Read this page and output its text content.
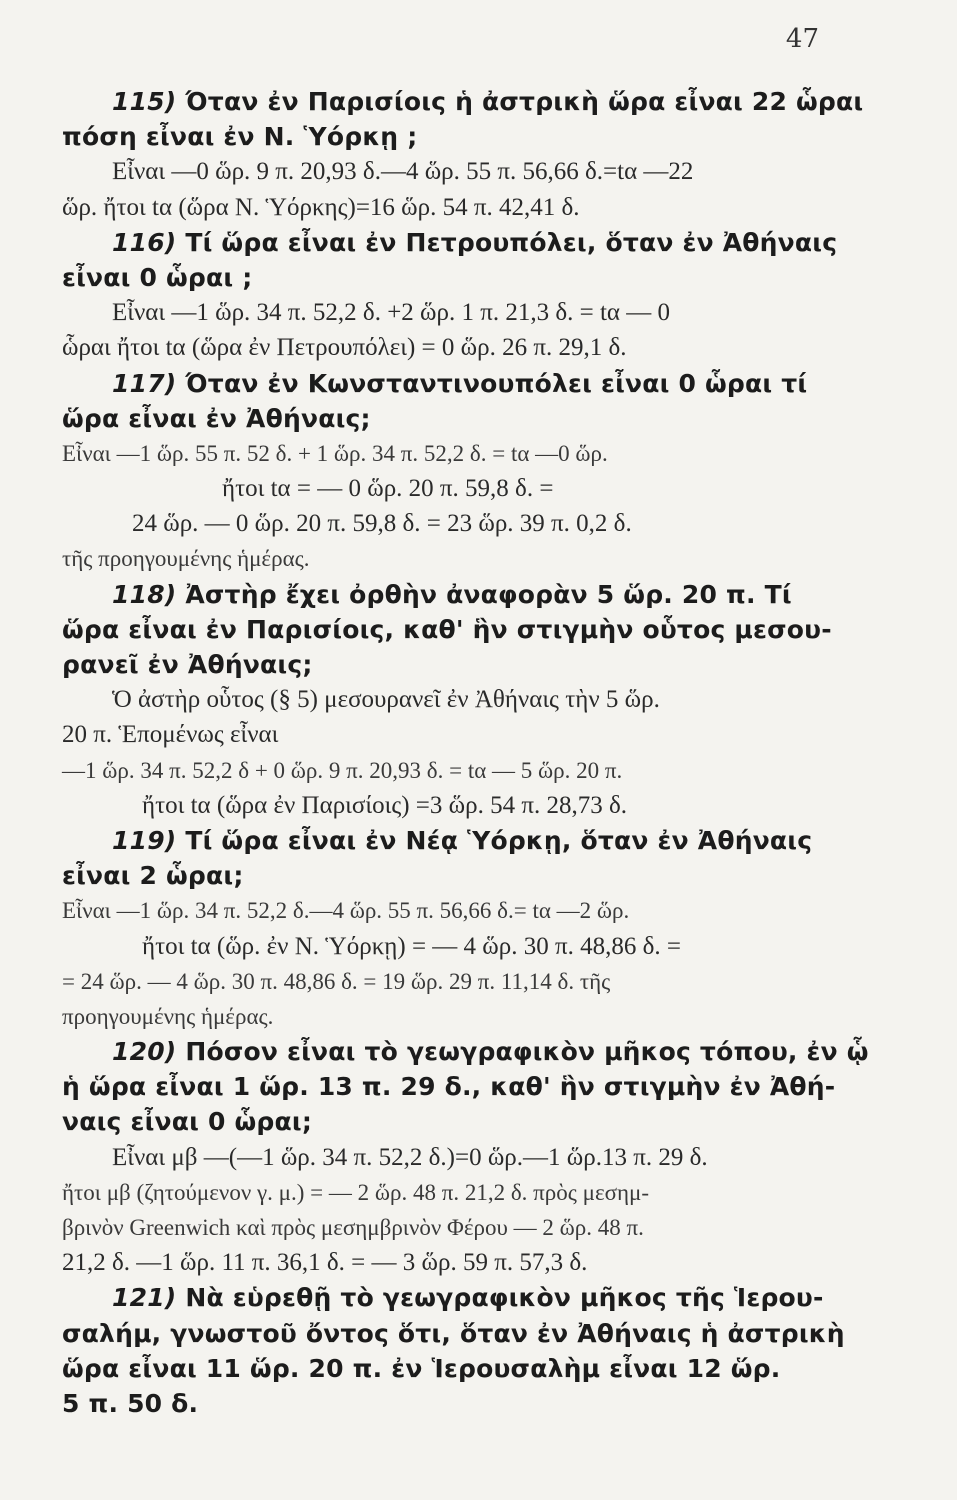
47
115) Όταν ἐν Παρισίοις ἡ ἀστρικὴ ὥρα εἶναι 22 ὧραι
πόση εἶναι ἐν Ν. Ὑόρκῃ ;
Εἶναι —0 ὥρ. 9 π. 20,93 δ.—4 ὥρ. 55 π. 56,66 δ.=tα —22
ὥρ. ἤτοι tα (ὥρα Ν. Ὑόρκης)=16 ὥρ. 54 π. 42,41 δ.
116) Τί ὥρα εἶναι ἐν Πετρουπόλει, ὅταν ἐν Ἀθήναις
εἶναι 0 ὧραι ;
Εἶναι —1 ὥρ. 34 π. 52,2 δ. +2 ὥρ. 1 π. 21,3 δ. = tα — 0
ὧραι ἤτοι tα (ὥρα ἐν Πετρουπόλει) = 0 ὥρ. 26 π. 29,1 δ.
117) Όταν ἐν Κωνσταντινουπόλει εἶναι 0 ὧραι τί
ὥρα εἶναι ἐν Ἀθήναις;
Εἶναι —1 ὥρ. 55 π. 52 δ. + 1 ὥρ. 34 π. 52,2 δ. = tα —0 ὥρ.
ἤτοι tα = — 0 ὥρ. 20 π. 59,8 δ. =
24 ὥρ. — 0 ὥρ. 20 π. 59,8 δ. = 23 ὥρ. 39 π. 0,2 δ.
τῆς προηγουμένης ἡμέρας.
118) Ἀστὴρ ἔχει ὀρθὴν ἀναφορὰν 5 ὥρ. 20 π. Τί
ὥρα εἶναι ἐν Παρισίοις, καθ' ἣν στιγμὴν οὗτος μεσου-
ρανεῖ ἐν Ἀθήναις;
Ὁ ἀστὴρ οὗτος (§ 5) μεσουρανεῖ ἐν Ἀθήναις τὴν 5 ὥρ.
20 π. Ἑπομένως εἶναι
—1 ὥρ. 34 π. 52,2 δ + 0 ὥρ. 9 π. 20,93 δ. = tα — 5 ὥρ. 20 π.
ἤτοι tα (ὥρα ἐν Παρισίοις) =3 ὥρ. 54 π. 28,73 δ.
119) Τί ὥρα εἶναι ἐν Νέᾳ Ὑόρκῃ, ὅταν ἐν Ἀθήναις
εἶναι 2 ὧραι;
Εἶναι —1 ὥρ. 34 π. 52,2 δ.—4 ὥρ. 55 π. 56,66 δ.= tα —2 ὥρ.
ἤτοι tα (ὥρ. ἐν Ν. Ὑόρκῃ) = — 4 ὥρ. 30 π. 48,86 δ. =
= 24 ὥρ. — 4 ὥρ. 30 π. 48,86 δ. = 19 ὥρ. 29 π. 11,14 δ. τῆς
προηγουμένης ἡμέρας.
120) Πόσον εἶναι τὸ γεωγραφικὸν μῆκος τόπου, ἐν ᾧ
ἡ ὥρα εἶναι 1 ὥρ. 13 π. 29 δ., καθ' ἣν στιγμὴν ἐν Ἀθή-
ναις εἶναι 0 ὧραι;
Εἶναι μβ —(—1 ὥρ. 34 π. 52,2 δ.)=0 ὥρ.—1 ὥρ.13 π. 29 δ.
ἤτοι μβ (ζητούμενον γ. μ.) = — 2 ὥρ. 48 π. 21,2 δ. πρὸς μεσημ-
βρινὸν Greenwich καὶ πρὸς μεσημβρινὸν Φέρου — 2 ὥρ. 48 π.
21,2 δ. —1 ὥρ. 11 π. 36,1 δ. = — 3 ὥρ. 59 π. 57,3 δ.
121) Νὰ εὑρεθῇ τὸ γεωγραφικὸν μῆκος τῆς Ἱερου-
σαλήμ, γνωστοῦ ὄντος ὅτι, ὅταν ἐν Ἀθήναις ἡ ἀστρικὴ
ὥρα εἶναι 11 ὥρ. 20 π. ἐν Ἱερουσαλὴμ εἶναι 12 ὥρ.
5 π. 50 δ.
